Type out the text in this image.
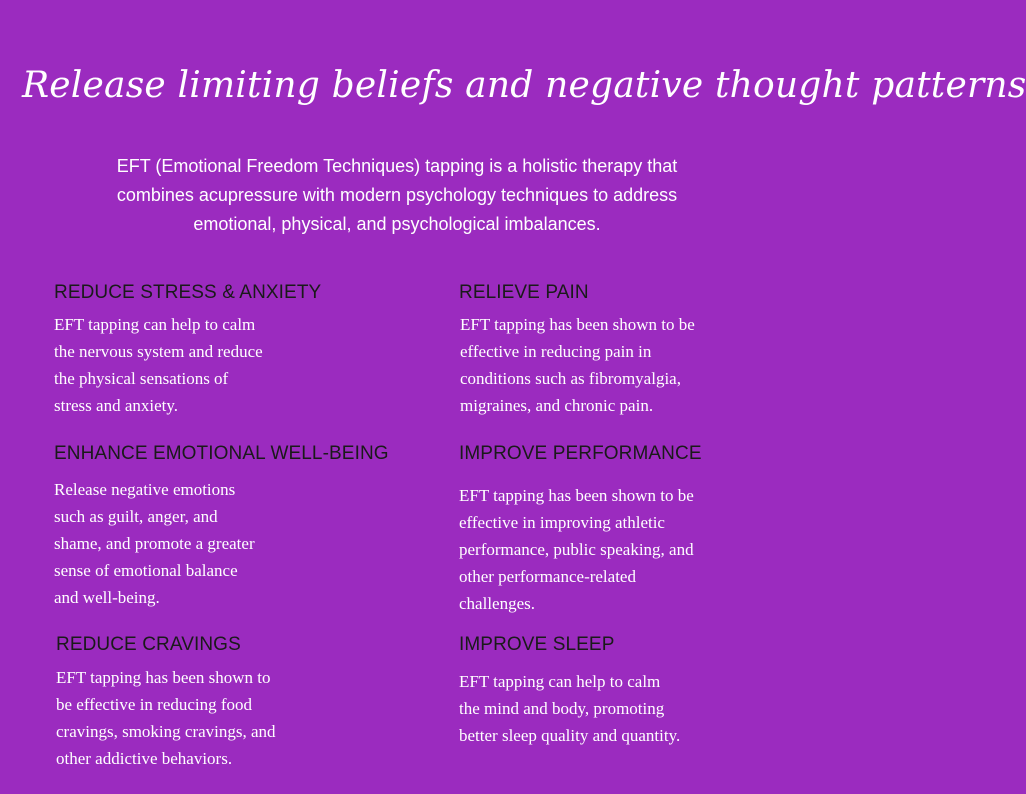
Release limiting beliefs and negative thought patterns
EFT (Emotional Freedom Techniques) tapping is a holistic therapy that combines acupressure with modern psychology techniques to address emotional, physical, and psychological imbalances.
REDUCE STRESS & ANXIETY
EFT tapping can help to calm
the nervous system and reduce
the physical sensations of
stress and anxiety.
ENHANCE EMOTIONAL WELL-BEING
Release negative emotions
such as guilt, anger, and
shame, and promote a greater
sense of emotional balance
and well-being.
REDUCE CRAVINGS
EFT tapping has been shown to
be effective in reducing food
cravings, smoking cravings, and
other addictive behaviors.
RELIEVE PAIN
EFT tapping has been shown to be
effective in reducing pain in
conditions such as fibromyalgia,
migraines, and chronic pain.
IMPROVE PERFORMANCE
EFT tapping has been shown to be
effective in improving athletic
performance, public speaking, and
other performance-related
challenges.
IMPROVE SLEEP
EFT tapping can help to calm
the mind and body, promoting
better sleep quality and quantity.
